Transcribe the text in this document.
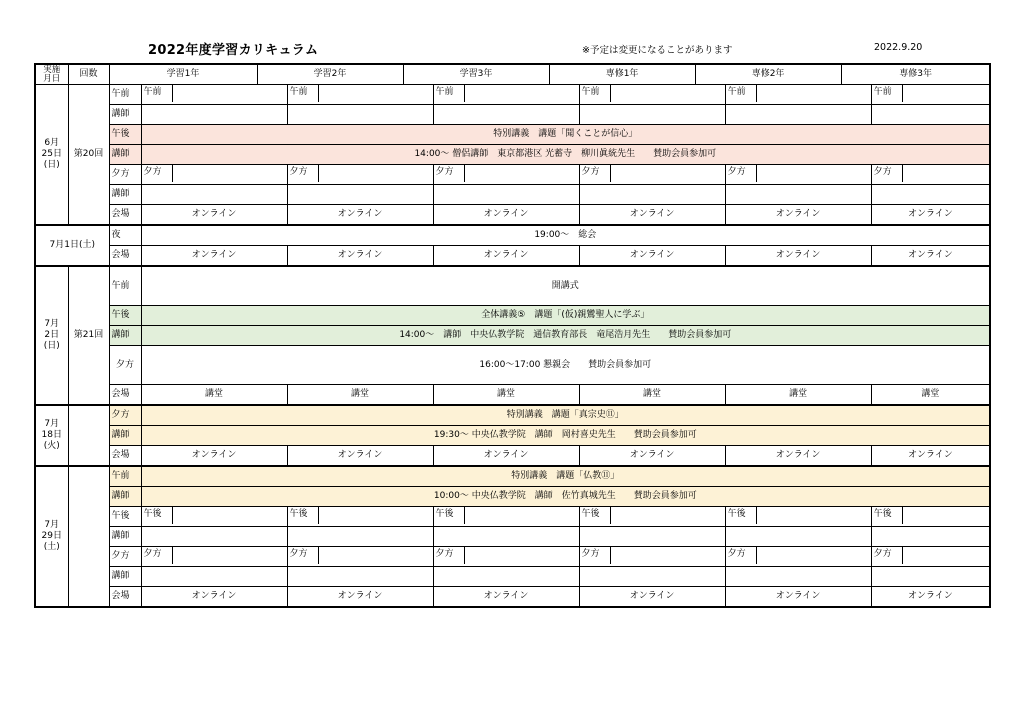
2022年度学習カリキュラム	※予定は変更になることがあります	2022.9.20
実施
月日	回数	学習1年		学習2年		学習3年		専修1年		専修2年		専修3年	
6月
25日
(日)	第20回	午前	午前		午前		午前		午前		午前		午前
		講師											
		午後	特別講義　講題「聞くことが信心」										
		講師	14:00～ 僧侶講師　東京都港区 光蓄寺　柳川眞統先生　　賛助会員参加可										
		夕方	夕方		夕方		夕方		夕方		夕方		夕方
		講師											
		会場	オンライン		オンライン		オンライン		オンライン		オンライン		オンライン
7月1日(土)		夜	19:00～　総会										
		会場	オンライン		オンライン		オンライン		オンライン		オンライン		オンライン
7月
2日
(日)	第21回	午前	開講式										
		午後	全体講義⑤　講題「(仮)親鸞聖人に学ぶ」										
		講師	14:00～　講師　中央仏教学院　通信教育部長　竜尾浩月先生　　賛助会員参加可										
		夕方	16:00～17:00 懇親会　　賛助会員参加可										
		会場	講堂		講堂		講堂		講堂		講堂		講堂
7月
18日
(火)		夕方	特別講義　講題「真宗史⑪」										
		講師	19:30～ 中央仏教学院　講師　岡村喜史先生　　賛助会員参加可										
		会場	オンライン		オンライン		オンライン		オンライン		オンライン		オンライン
7月
29日
(土)		午前	特別講義　講題「仏教⑪」										
		講師	10:00～ 中央仏教学院　講師　佐竹真城先生　　賛助会員参加可										
		午後	午後		午後		午後		午後		午後		午後
		講師											
		夕方	夕方		夕方		夕方		夕方		夕方		夕方
		講師											
		会場	オンライン		オンライン		オンライン		オンライン		オンライン		オンライン
